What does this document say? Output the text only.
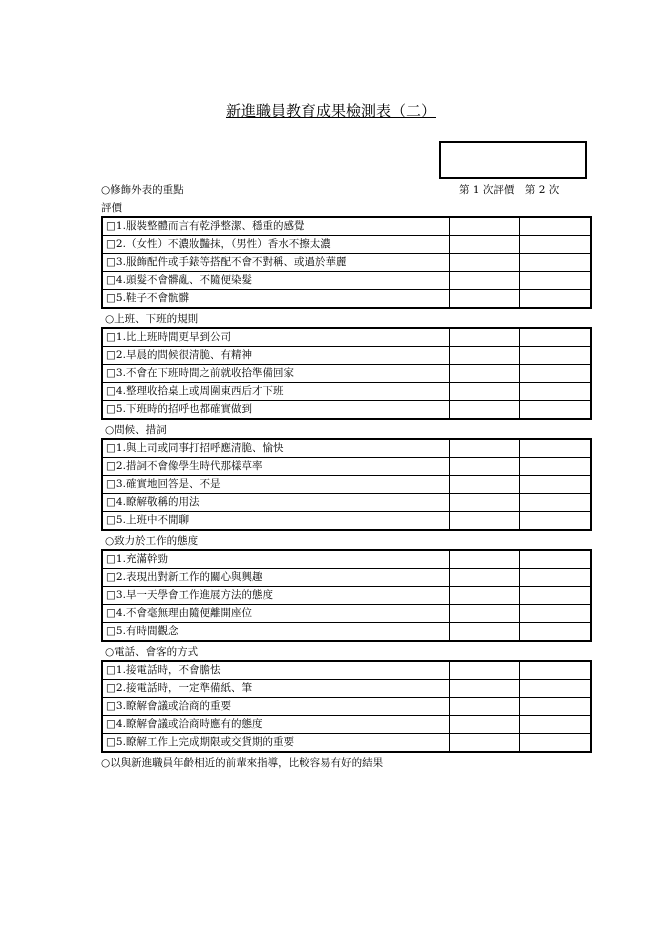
新進職員教育成果檢測表（二）
○修飾外表的重點	第 1 次評價　第 2 次
評價
□1.服裝整體而言有乾淨整潔、穩重的感覺		
□2.（女性）不濃妝豔抹，（男性）香水不擦太濃		
□3.服飾配件或手錶等搭配不會不對稱、或過於華麗		
□4.頭髮不會髒亂、不隨便染髮		
□5.鞋子不會骯髒		
○上班、下班的規則
□1.比上班時間更早到公司		
□2.早晨的問候很清脆、有精神		
□3.不會在下班時間之前就收拾準備回家		
□4.整理收拾桌上或周圍東西后才下班		
□5.下班時的招呼也都確實做到		
○問候、措詞
□1.與上司或同事打招呼應清脆、愉快		
□2.措詞不會像學生時代那樣草率		
□3.確實地回答是、不是		
□4.瞭解敬稱的用法		
□5.上班中不閒聊		
○致力於工作的態度
□1.充滿幹勁		
□2.表現出對新工作的關心與興趣		
□3.早一天學會工作進展方法的態度		
□4.不會毫無理由隨便離開座位		
□5.有時間觀念		
○電話、會客的方式
□1.接電話時，不會膽怯		
□2.接電話時，一定準備紙、筆		
□3.瞭解會議或洽商的重要		
□4.瞭解會議或洽商時應有的態度		
□5.瞭解工作上完成期限或交貨期的重要		
○以與新進職員年齡相近的前輩來指導，比較容易有好的結果
